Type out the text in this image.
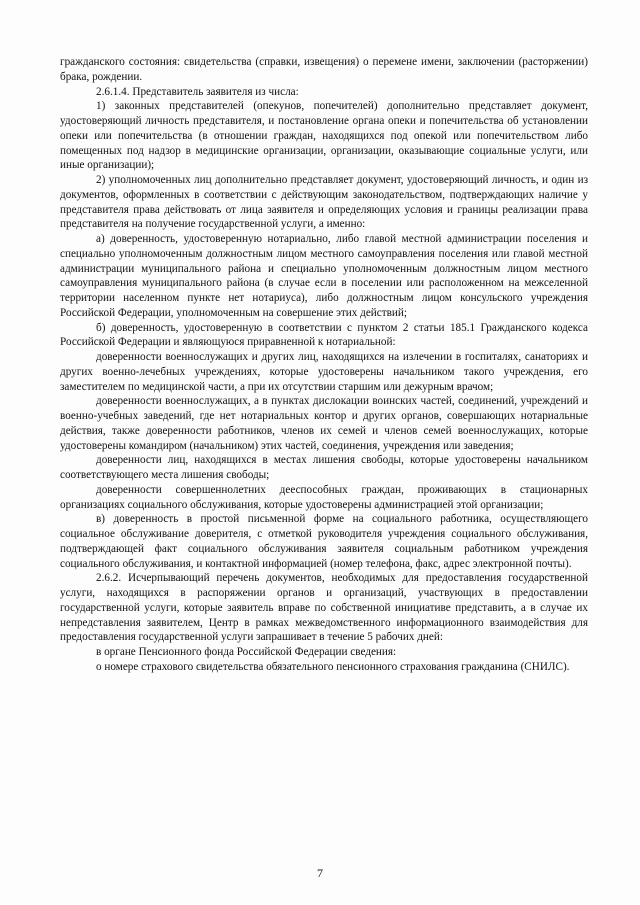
гражданского состояния: свидетельства (справки, извещения) о перемене имени, заключении (расторжении) брака, рождении.

2.6.1.4. Представитель заявителя из числа:

1) законных представителей (опекунов, попечителей) дополнительно представляет документ, удостоверяющий личность представителя, и постановление органа опеки и попечительства об установлении опеки или попечительства (в отношении граждан, находящихся под опекой или попечительством либо помещенных под надзор в медицинские организации, организации, оказывающие социальные услуги, или иные организации);

2) уполномоченных лиц дополнительно представляет документ, удостоверяющий личность, и один из документов, оформленных в соответствии с действующим законодательством, подтверждающих наличие у представителя права действовать от лица заявителя и определяющих условия и границы реализации права представителя на получение государственной услуги, а именно:

а) доверенность, удостоверенную нотариально, либо главой местной администрации поселения и специально уполномоченным должностным лицом местного самоуправления поселения или главой местной администрации муниципального района и специально уполномоченным должностным лицом местного самоуправления муниципального района (в случае если в поселении или расположенном на межселенной территории населенном пункте нет нотариуса), либо должностным лицом консульского учреждения Российской Федерации, уполномоченным на совершение этих действий;

б) доверенность, удостоверенную в соответствии с пунктом 2 статьи 185.1 Гражданского кодекса Российской Федерации и являющуюся приравненной к нотариальной:

доверенности военнослужащих и других лиц, находящихся на излечении в госпиталях, санаториях и других военно-лечебных учреждениях, которые удостоверены начальником такого учреждения, его заместителем по медицинской части, а при их отсутствии старшим или дежурным врачом;

доверенности военнослужащих, а в пунктах дислокации воинских частей, соединений, учреждений и военно-учебных заведений, где нет нотариальных контор и других органов, совершающих нотариальные действия, также доверенности работников, членов их семей и членов семей военнослужащих, которые удостоверены командиром (начальником) этих частей, соединения, учреждения или заведения;

доверенности лиц, находящихся в местах лишения свободы, которые удостоверены начальником соответствующего места лишения свободы;

доверенности совершеннолетних дееспособных граждан, проживающих в стационарных организациях социального обслуживания, которые удостоверены администрацией этой организации;

в) доверенность в простой письменной форме на социального работника, осуществляющего социальное обслуживание доверителя, с отметкой руководителя учреждения социального обслуживания, подтверждающей факт социального обслуживания заявителя социальным работником учреждения социального обслуживания, и контактной информацией (номер телефона, факс, адрес электронной почты).

2.6.2. Исчерпывающий перечень документов, необходимых для предоставления государственной услуги, находящихся в распоряжении органов и организаций, участвующих в предоставлении государственной услуги, которые заявитель вправе по собственной инициативе представить, а в случае их непредставления заявителем, Центр в рамках межведомственного информационного взаимодействия для предоставления государственной услуги запрашивает в течение 5 рабочих дней:

в органе Пенсионного фонда Российской Федерации сведения:

о номере страхового свидетельства обязательного пенсионного страхования гражданина (СНИЛС).

7
